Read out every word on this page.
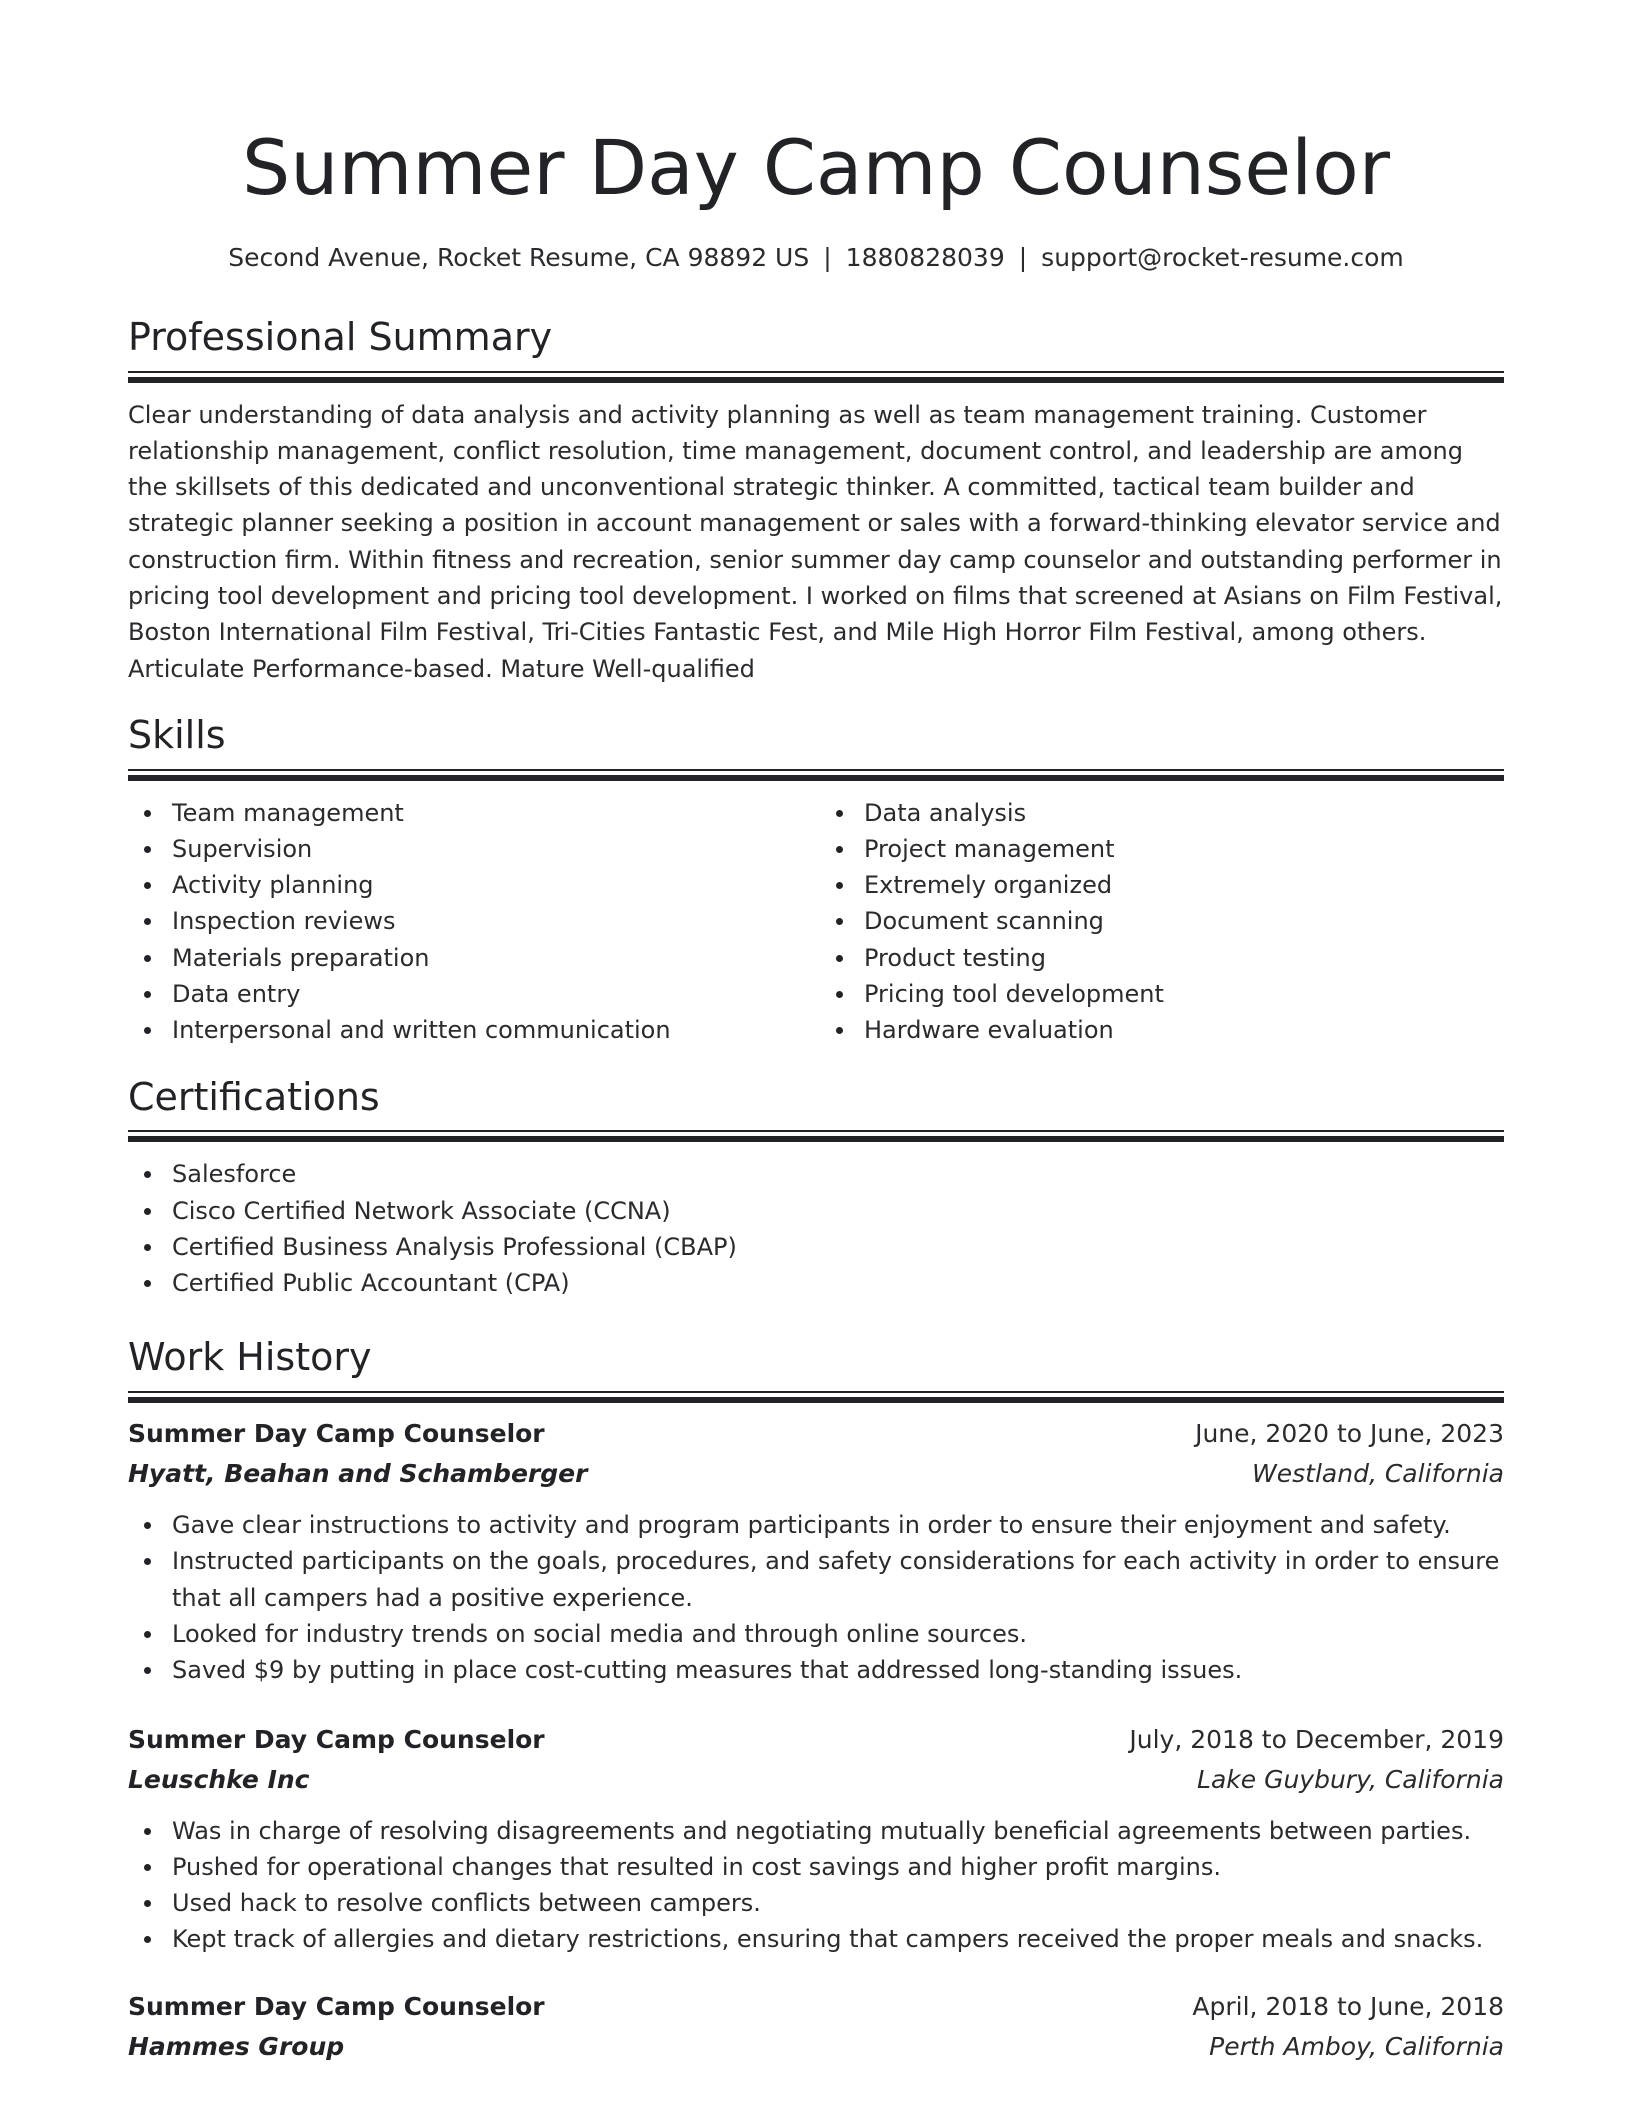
Summer Day Camp Counselor
Second Avenue, Rocket Resume, CA 98892 US | 1880828039 | support@rocket-resume.com
Professional Summary

Clear understanding of data analysis and activity planning as well as team management training. Customer relationship management, conflict resolution, time management, document control, and leadership are among the skillsets of this dedicated and unconventional strategic thinker. A committed, tactical team builder and strategic planner seeking a position in account management or sales with a forward-thinking elevator service and construction firm. Within fitness and recreation, senior summer day camp counselor and outstanding performer in pricing tool development and pricing tool development. I worked on films that screened at Asians on Film Festival, Boston International Film Festival, Tri-Cities Fantastic Fest, and Mile High Horror Film Festival, among others. Articulate Performance-based. Mature Well-qualified

Skills
Team management
Supervision
Activity planning
Inspection reviews
Materials preparation
Data entry
Interpersonal and written communication
Data analysis
Project management
Extremely organized
Document scanning
Product testing
Pricing tool development
Hardware evaluation
Certifications
Salesforce
Cisco Certified Network Associate (CCNA)
Certified Business Analysis Professional (CBAP)
Certified Public Accountant (CPA)
Work History
Summer Day Camp Counselor	June, 2020 to June, 2023
Hyatt, Beahan and Schamberger	Westland, California
Gave clear instructions to activity and program participants in order to ensure their enjoyment and safety.
Instructed participants on the goals, procedures, and safety considerations for each activity in order to ensure that all campers had a positive experience.
Looked for industry trends on social media and through online sources.
Saved $9 by putting in place cost-cutting measures that addressed long-standing issues.
Summer Day Camp Counselor	July, 2018 to December, 2019
Leuschke Inc	Lake Guybury, California
Was in charge of resolving disagreements and negotiating mutually beneficial agreements between parties.
Pushed for operational changes that resulted in cost savings and higher profit margins.
Used hack to resolve conflicts between campers.
Kept track of allergies and dietary restrictions, ensuring that campers received the proper meals and snacks.
Summer Day Camp Counselor	April, 2018 to June, 2018
Hammes Group	Perth Amboy, California
